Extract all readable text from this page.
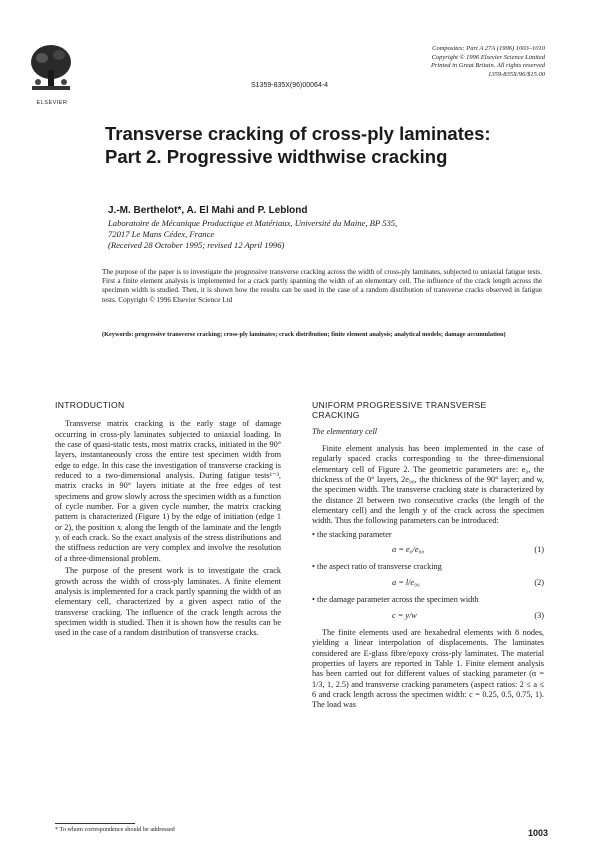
ELSEVIER
S1359-835X(96)00064-4
Composites: Part A 27A (1996) 1003–1010
Copyright © 1996 Elsevier Science Limited
Printed in Great Britain. All rights reserved
1359-835X/96/$15.00
Transverse cracking of cross-ply laminates:
Part 2. Progressive widthwise cracking
J.-M. Berthelot*, A. El Mahi and P. Leblond
Laboratoire de Mécanique Productique et Matériaux, Université du Maine, BP 535,
72017 Le Mans Cédex, France
(Received 28 October 1995; revised 12 April 1996)
The purpose of the paper is to investigate the progressive transverse cracking across the width of cross-ply laminates, subjected to uniaxial fatigue tests. First a finite element analysis is implemented for a crack partly spanning the width of an elementary cell. The influence of the crack length across the specimen width is studied. Then, it is shown how the results can be used in the case of a random distribution of transverse cracks observed in fatigue tests. Copyright © 1996 Elsevier Science Ltd
(Keywords: progressive transverse cracking; cross-ply laminates; crack distribution; finite element analysis; analytical models; damage accumulation)
INTRODUCTION

Transverse matrix cracking is the early stage of damage occurring in cross-ply laminates subjected to uniaxial loading. In the case of quasi-static tests, most matrix cracks, initiated in the 90° layers, instantaneously cross the entire test specimen width from edge to edge. In this case the investigation of transverse cracking is reduced to a two-dimensional analysis. During fatigue tests¹⁻³, matrix cracks in 90° layers initiate at the free edges of test specimens and grow slowly across the specimen width as a function of cycle number. For a given cycle number, the matrix cracking pattern is characterized (Figure 1) by the edge of initiation (edge 1 or 2), the position xᵢ along the length of the laminate and the length yᵢ of each crack. So the exact analysis of the stress distributions and the stiffness reduction are very complex and involve the resolution of a three-dimensional problem.

The purpose of the present work is to investigate the crack growth across the width of cross-ply laminates. A finite element analysis is implemented for a crack partly spanning the width of an elementary cell, characterized by a given aspect ratio of the transverse cracking. The influence of the crack length across the specimen width is studied. Then it is shown how the results can be used in the case of a random distribution of transverse cracks.

UNIFORM PROGRESSIVE TRANSVERSE
CRACKING
The elementary cell

Finite element analysis has been implemented in the case of regularly spaced cracks corresponding to the three-dimensional elementary cell of Figure 2. The geometric parameters are: e₀, the thickness of the 0° layers, 2e₉₀, the thickness of the 90° layer; and w, the specimen width. The transverse cracking state is characterized by the distance 2l between two consecutive cracks (the length of the elementary cell) and the length y of the crack across the specimen width. Thus the following parameters can be introduced:

• the stacking parameter
α = e₀/e₉₀	(1)
• the aspect ratio of transverse cracking
a = l/e₉₀	(2)
• the damage parameter across the specimen width
c = y/w	(3)

The finite elements used are hexahedral elements with 8 nodes, yielding a linear interpolation of displacements. The laminates considered are E-glass fibre/epoxy cross-ply laminates. The material properties of layers are reported in Table 1. Finite element analysis has been carried out for different values of stacking parameter (α = 1/3, 1, 2.5) and transverse cracking parameters (aspect ratios: 2 ≤ a ≤ 6 and crack length across the specimen width: c = 0.25, 0.5, 0.75, 1). The load was

* To whom correspondence should be addressed	1003
